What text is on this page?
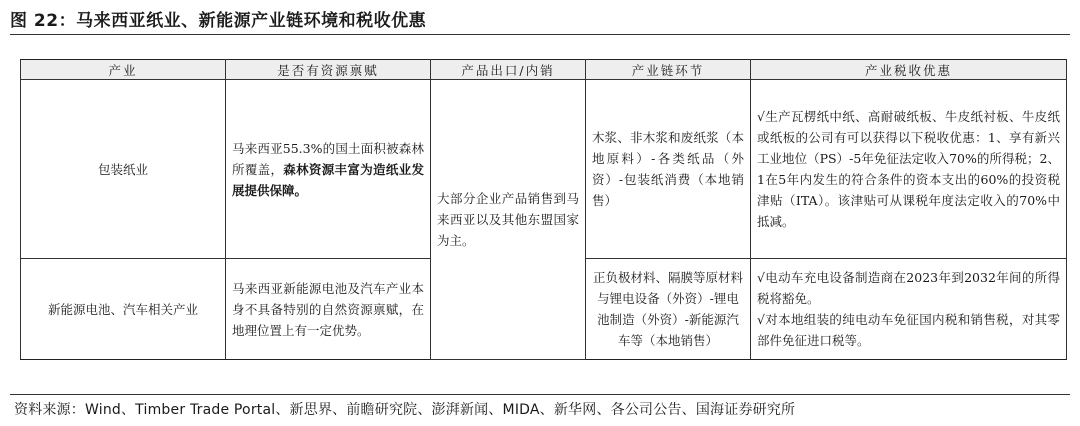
图 22：马来西亚纸业、新能源产业链环境和税收优惠
产业	是否有资源禀赋	产品出口/内销	产业链环节	产业税收优惠
包装纸业	马来西亚55.3%的国土面积被森林所覆盖，森林资源丰富为造纸业发展提供保障。	大部分企业产品销售到马来西亚以及其他东盟国家为主。	木浆、非木浆和废纸浆（本地原料）-各类纸品（外资）-包装纸消费（本地销售）	√生产瓦楞纸中纸、高耐破纸板、牛皮纸衬板、牛皮纸或纸板的公司有可以获得以下税收优惠：1、享有新兴工业地位（PS）-5年免征法定收入70%的所得税；2、1在5年内发生的符合条件的资本支出的60%的投资税津贴（ITA）。该津贴可从课税年度法定收入的70%中抵减。

新能源电池、汽车相关产业	马来西亚新能源电池及汽车产业本身不具备特别的自然资源禀赋，在地理位置上有一定优势。		正负极材料、隔膜等原材料与锂电设备（外资）-锂电池制造（外资）-新能源汽车等（本地销售）	√电动车充电设备制造商在2023年到2032年间的所得税将豁免。
√对本地组装的纯电动车免征国内税和销售税，对其零部件免征进口税等。
资料来源：Wind、Timber Trade Portal、新思界、前瞻研究院、澎湃新闻、MIDA、新华网、各公司公告、国海证券研究所
